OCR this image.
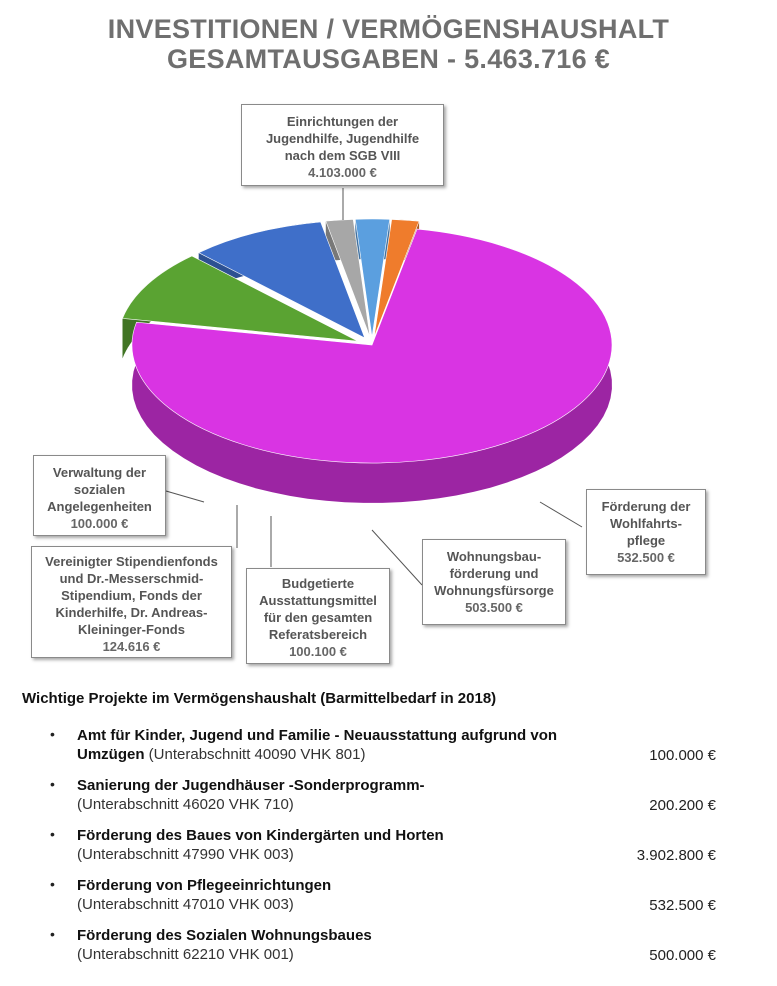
INVESTITIONEN / VERMÖGENSHAUSHALT
GESAMTAUSGABEN - 5.463.716 €
Einrichtungen der
Jugendhilfe, Jugendhilfe
nach dem SGB VIII
4.103.000 €
Förderung der
Wohlfahrts-
pflege
532.500 €
Wohnungsbau-
förderung und
Wohnungsfürsorge
503.500 €
Budgetierte
Ausstattungsmittel
für den gesamten
Referatsbereich
100.100 €
Vereinigter Stipendienfonds
und Dr.-Messerschmid-
Stipendium, Fonds der
Kinderhilfe, Dr. Andreas-
Kleininger-Fonds
124.616 €
Verwaltung der
sozialen
Angelegenheiten
100.000 €
Wichtige Projekte im Vermögenshaushalt (Barmittelbedarf in 2018)
• Amt für Kinder, Jugend und Familie - Neuausstattung aufgrund von Umzügen (Unterabschnitt 40090 VHK 801)	100.000 €
• Sanierung der Jugendhäuser -Sonderprogramm-
(Unterabschnitt 46020 VHK 710)	200.200 €
• Förderung des Baues von Kindergärten und Horten
(Unterabschnitt 47990 VHK 003)	3.902.800 €
• Förderung von Pflegeeinrichtungen
(Unterabschnitt 47010 VHK 003)	532.500 €
• Förderung des Sozialen Wohnungsbaues
(Unterabschnitt 62210 VHK 001)	500.000 €
